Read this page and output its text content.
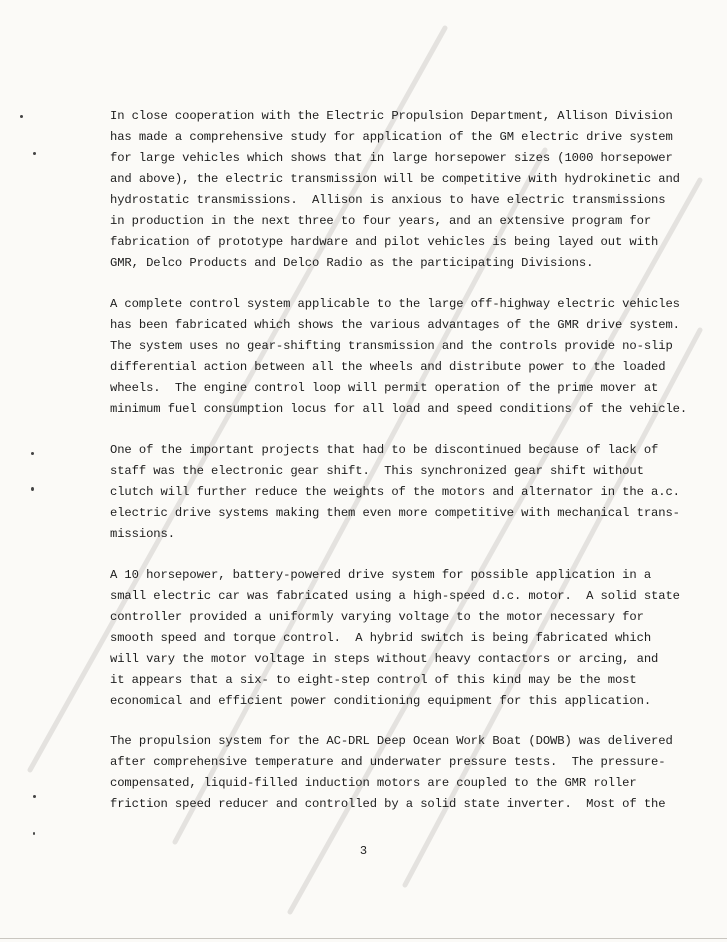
In close cooperation with the Electric Propulsion Department, Allison Division
has made a comprehensive study for application of the GM electric drive system
for large vehicles which shows that in large horsepower sizes (1000 horsepower
and above), the electric transmission will be competitive with hydrokinetic and
hydrostatic transmissions.  Allison is anxious to have electric transmissions
in production in the next three to four years, and an extensive program for
fabrication of prototype hardware and pilot vehicles is being layed out with
GMR, Delco Products and Delco Radio as the participating Divisions.
A complete control system applicable to the large off-highway electric vehicles
has been fabricated which shows the various advantages of the GMR drive system.
The system uses no gear-shifting transmission and the controls provide no-slip
differential action between all the wheels and distribute power to the loaded
wheels.  The engine control loop will permit operation of the prime mover at
minimum fuel consumption locus for all load and speed conditions of the vehicle.
One of the important projects that had to be discontinued because of lack of
staff was the electronic gear shift.  This synchronized gear shift without
clutch will further reduce the weights of the motors and alternator in the a.c.
electric drive systems making them even more competitive with mechanical trans-
missions.
A 10 horsepower, battery-powered drive system for possible application in a
small electric car was fabricated using a high-speed d.c. motor.  A solid state
controller provided a uniformly varying voltage to the motor necessary for
smooth speed and torque control.  A hybrid switch is being fabricated which
will vary the motor voltage in steps without heavy contactors or arcing, and
it appears that a six- to eight-step control of this kind may be the most
economical and efficient power conditioning equipment for this application.
The propulsion system for the AC-DRL Deep Ocean Work Boat (DOWB) was delivered
after comprehensive temperature and underwater pressure tests.  The pressure-
compensated, liquid-filled induction motors are coupled to the GMR roller
friction speed reducer and controlled by a solid state inverter.  Most of the
3
